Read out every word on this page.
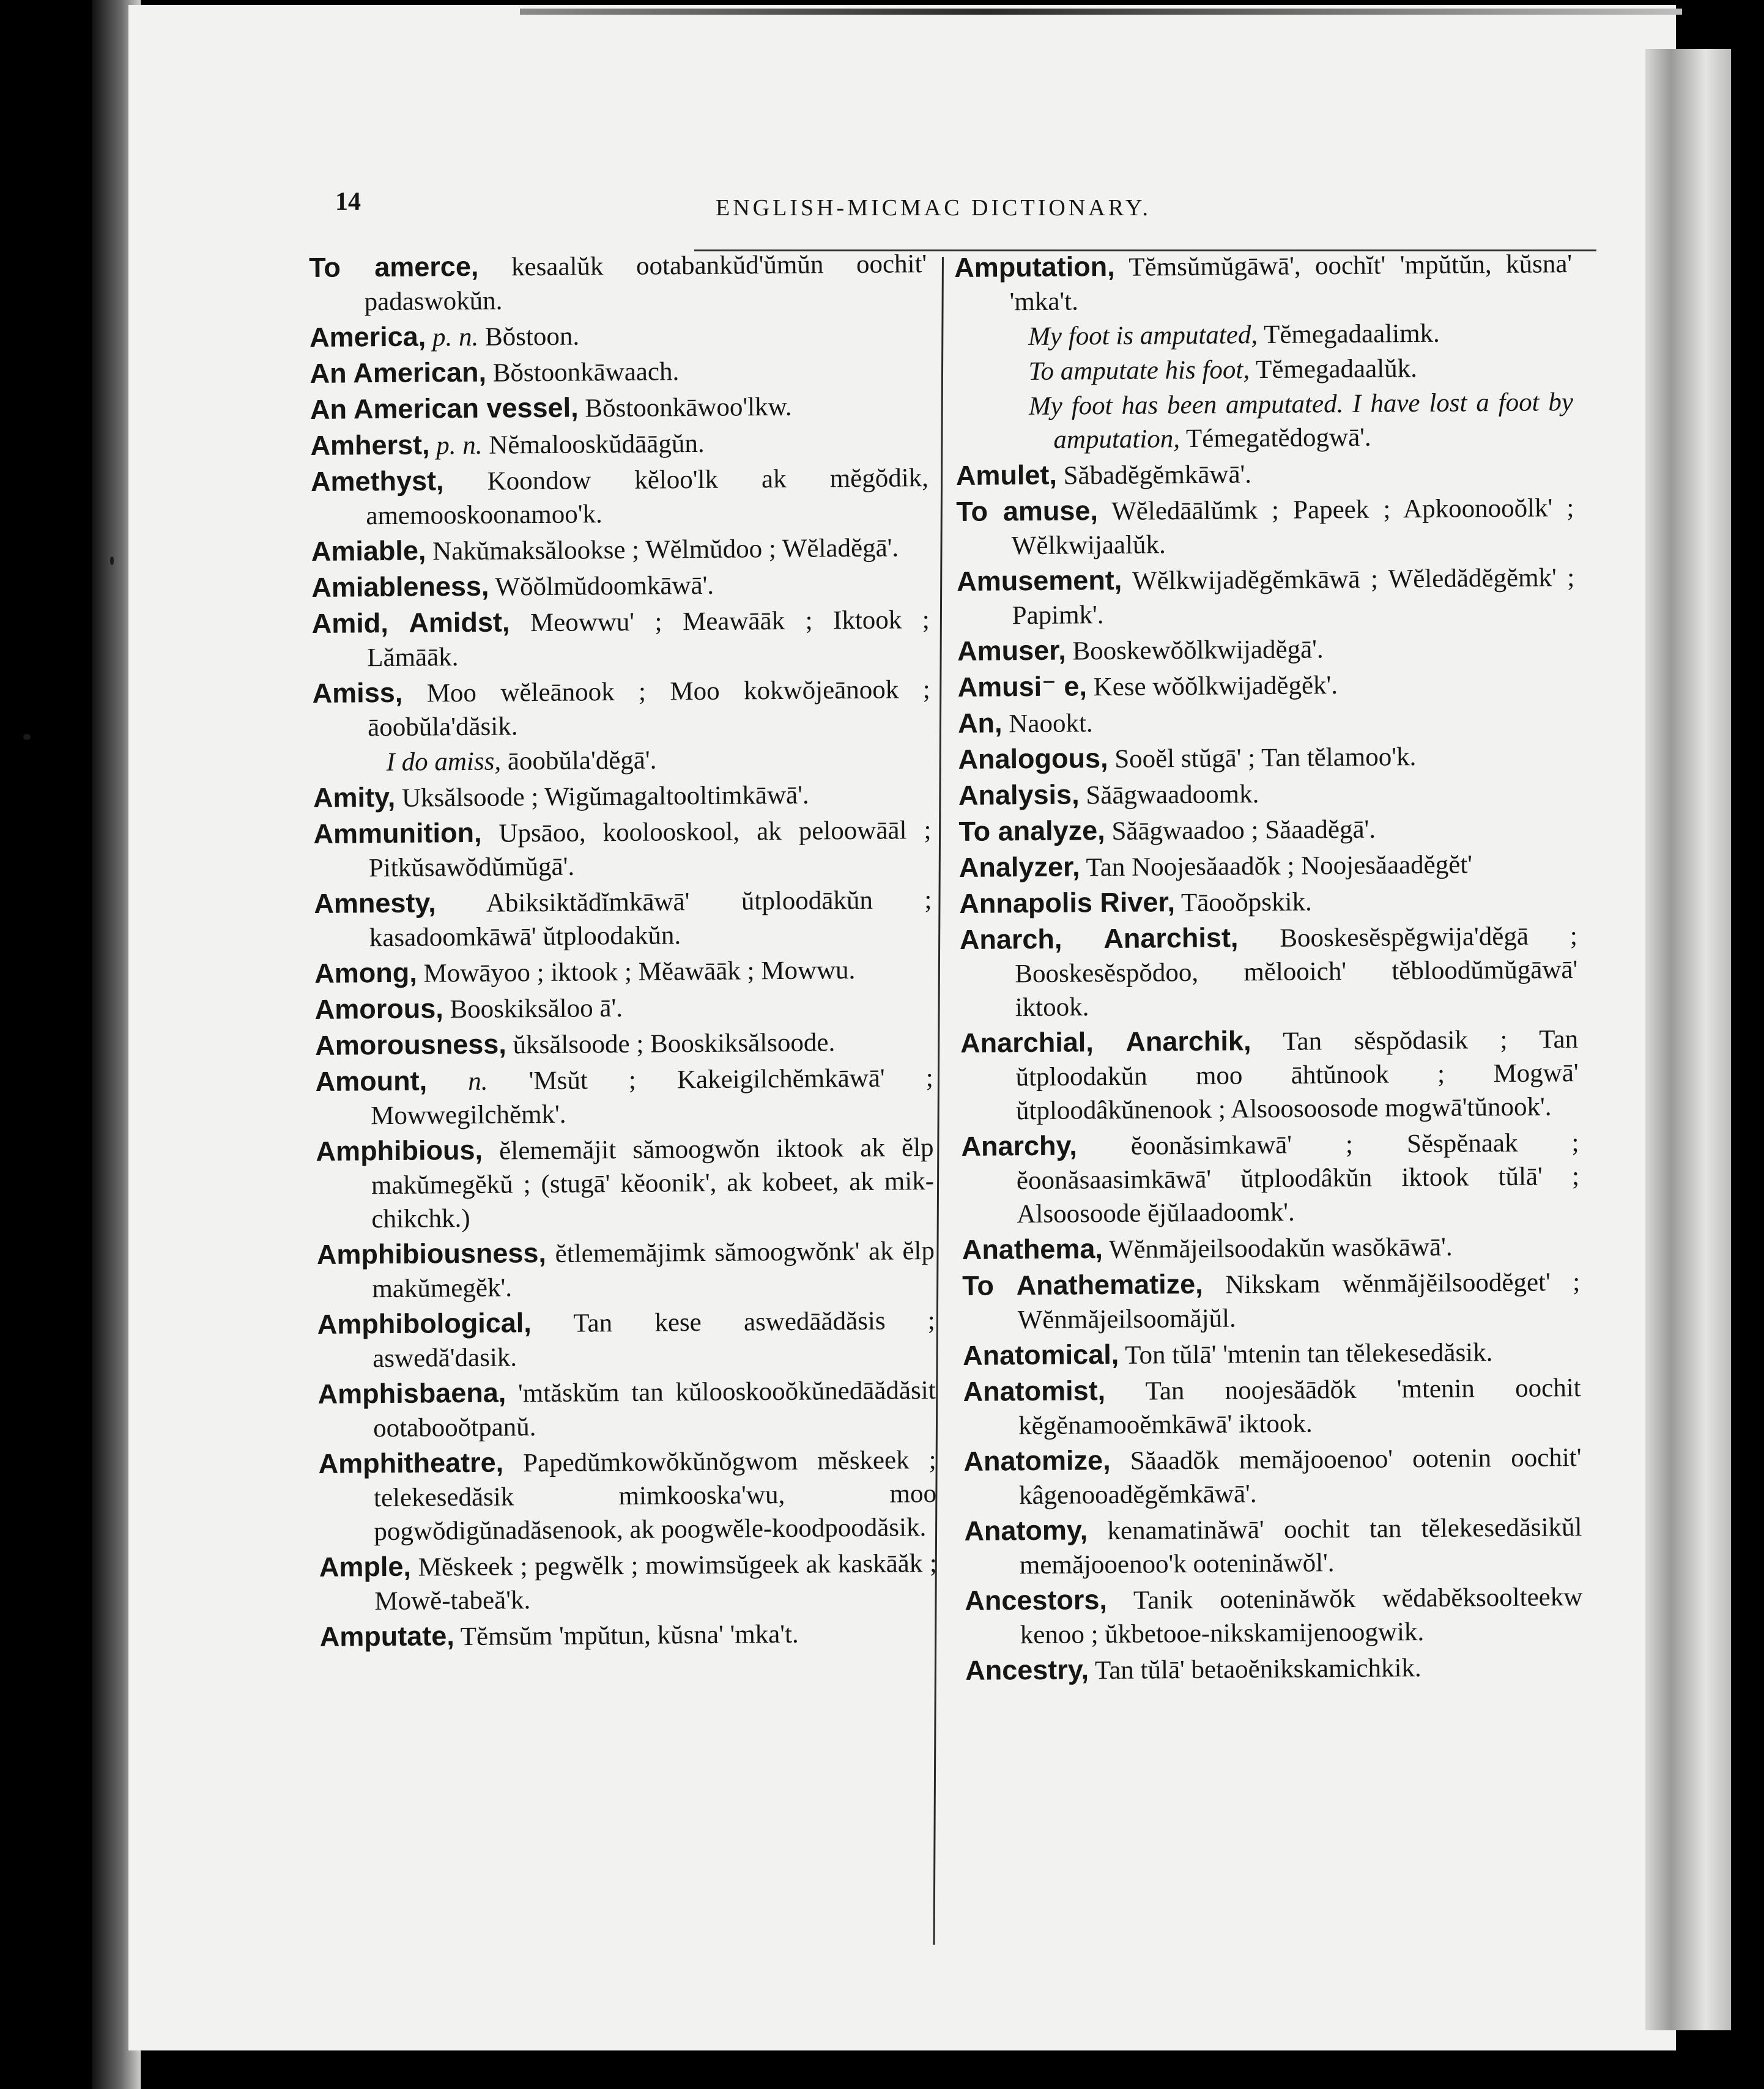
14	ENGLISH-MICMAC DICTIONARY.
To amerce, kesaalŭk ootabankŭd'ŭmŭn oochit' padaswokŭn.
America, p. n. Bŏstoon.
An American, Bŏstoonkāwaach.
An American vessel, Bŏstoonkāwoo'lkw.
Amherst, p. n. Nĕmalooskŭdāāgŭn.
Amethyst, Koondow kĕloo'lk ak mĕgŏdik, amemooskoonamoo'k.
Amiable, Nakŭmaksălookse ; Wĕlmŭdoo ; Wĕladĕgā'.
Amiableness, Wŏŏlmŭdoomkāwā'.
Amid, Amidst, Meowwu' ; Meawāāk ; Iktook ; Lămāāk.
Amiss, Moo wĕleānook ; Moo kokwŏjeānook ; āoobŭla'dăsik.
I do amiss, āoobŭla'dĕgā'.
Amity, Uksălsoode ; Wigŭmagaltooltimkāwā'.
Ammunition, Upsāoo, koolooskool, ak peloowāāl ; Pitkŭsawŏdŭmŭgā'.
Amnesty, Abiksiktădĭmkāwā' ŭtploodākŭn ; kasadoomkāwā' ŭtploodakŭn.
Among, Mowāyoo ; iktook ; Mĕawāāk ; Mowwu.
Amorous, Booskiksăloo ā'.
Amorousness, ŭksălsoode ; Booskiksălsoode.
Amount, n. 'Msŭt ; Kakeigilchĕmkāwā' ; Mowwegilchĕmk'.
Amphibious, ĕlememăjit sămoogwŏn iktook ak ĕlp makŭmegĕkŭ ; (stugā' kĕoonik', ak kobeet, ak mik-chikchk.)
Amphibiousness, ĕtlememăjimk sămoogwŏnk' ak ĕlp makŭmegĕk'.
Amphibological, Tan kese aswedāădăsis ; aswedă'dasik.
Amphisbaena, 'mtăskŭm tan kŭlooskooŏkŭnedāădăsit ootabooŏtpanŭ.
Amphitheatre, Papedŭmkowŏkŭnŏgwom mĕskeek ; telekesedăsik mimkooska'wu, moo pogwŏdigŭnadăsenook, ak poogwĕle-koodpoodăsik.
Ample, Mĕskeek ; pegwĕlk ; mowimsŭgeek ak kaskāăk ; Mowĕ-tabeă'k.
Amputate, Tĕmsŭm 'mpŭtun, kŭsna' 'mka't.
Amputation, Tĕmsŭmŭgāwā', oochĭt' 'mpŭtŭn, kŭsna' 'mka't.
My foot is amputated, Tĕmegadaalimk.
To amputate his foot, Tĕmegadaalŭk.
My foot has been amputated. I have lost a foot by amputation, Témegatĕdogwā'.
Amulet, Săbadĕgĕmkāwā'.
To amuse, Wĕledāālŭmk ; Papeek ; Apkoonooŏlk' ; Wĕlkwijaalŭk.
Amusement, Wĕlkwijadĕgĕmkāwā ; Wĕledădĕgĕmk' ; Papimk'.
Amuser, Booskewŏŏlkwijadĕgā'.
Amusi⁻ e, Kese wŏŏlkwijadĕgĕk'.
An, Naookt.
Analogous, Sooĕl stŭgā' ; Tan tĕlamoo'k.
Analysis, Săāgwaadoomk.
To analyze, Săāgwaadoo ; Săaadĕgā'.
Analyzer, Tan Noojesăaadŏk ; Noojesăaadĕgĕt'
Annapolis River, Tāooŏpskik.
Anarch, Anarchist, Booskesĕspĕgwija'dĕgā ; Booskesĕspŏdoo, mĕlooich' tĕbloodŭmŭgāwā' iktook.
Anarchial, Anarchik, Tan sĕspŏdasik ; Tan ŭtploodakŭn moo āhtŭnook ; Mogwā' ŭtploodâkŭnenook ; Alsoosoosode mogwā'tŭnook'.
Anarchy, ĕoonăsimkawā' ; Sĕspĕnaak ; ĕoonăsaasimkāwā' ŭtploodâkŭn iktook tŭlā' ; Alsoosoode ĕjŭlaadoomk'.
Anathema, Wĕnmăjeilsoodakŭn wasŏkāwā'.
To Anathematize, Nikskam wĕnmăjĕilsoodĕget' ; Wĕnmăjeilsoomăjŭl.
Anatomical, Ton tŭlā' 'mtenin tan tĕlekesedăsik.
Anatomist, Tan noojesăādŏk 'mtenin oochit kĕgĕnamooĕmkāwā' iktook.
Anatomize, Săaadŏk memăjooenoo' ootenin oochit' kâgenooadĕgĕmkāwā'.
Anatomy, kenamatinăwā' oochit tan tĕlekesedăsikŭl memăjooenoo'k ooteninăwŏl'.
Ancestors, Tanik ooteninăwŏk wĕdabĕksoolteekw kenoo ; ŭkbetooe-nikskamijenoogwik.
Ancestry, Tan tŭlā' betaoĕnikskamichkik.
